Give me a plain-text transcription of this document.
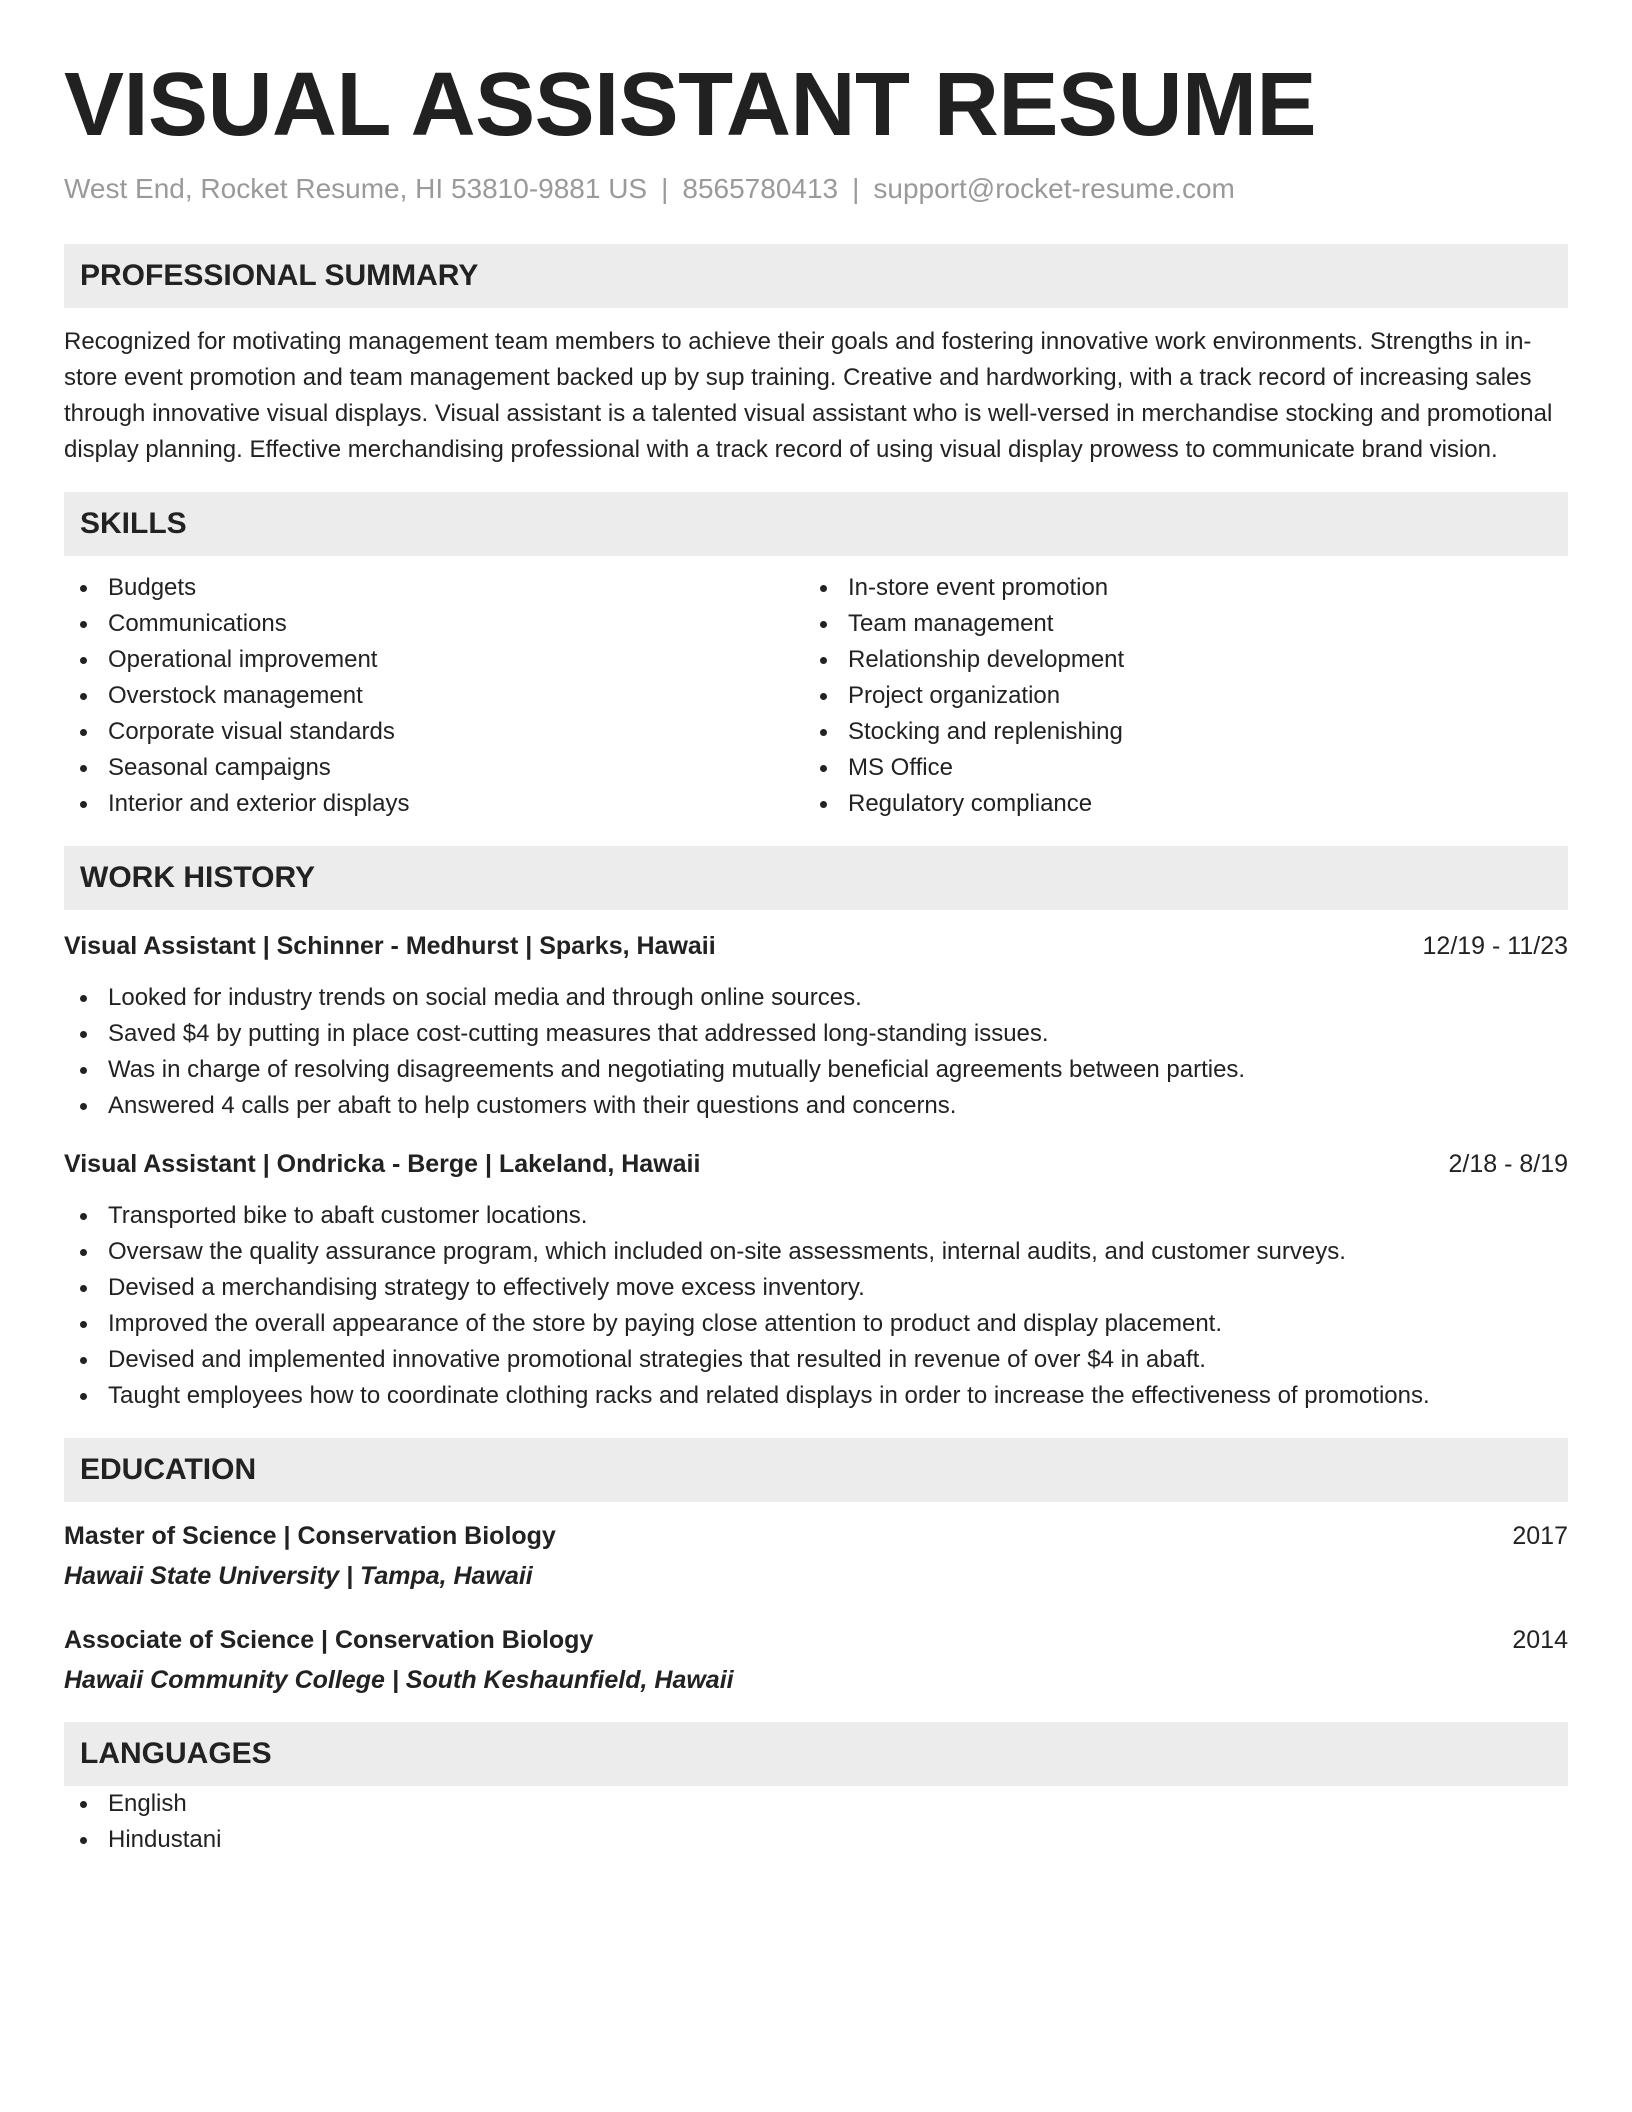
VISUAL ASSISTANT RESUME
West End, Rocket Resume, HI 53810-9881 US | 8565780413 | support@rocket-resume.com
PROFESSIONAL SUMMARY
Recognized for motivating management team members to achieve their goals and fostering innovative work environments. Strengths in in-store event promotion and team management backed up by sup training. Creative and hardworking, with a track record of increasing sales through innovative visual displays. Visual assistant is a talented visual assistant who is well-versed in merchandise stocking and promotional display planning. Effective merchandising professional with a track record of using visual display prowess to communicate brand vision.
SKILLS
Budgets
Communications
Operational improvement
Overstock management
Corporate visual standards
Seasonal campaigns
Interior and exterior displays
In-store event promotion
Team management
Relationship development
Project organization
Stocking and replenishing
MS Office
Regulatory compliance
WORK HISTORY
Visual Assistant | Schinner - Medhurst | Sparks, Hawaii	12/19 - 11/23
Looked for industry trends on social media and through online sources.
Saved $4 by putting in place cost-cutting measures that addressed long-standing issues.
Was in charge of resolving disagreements and negotiating mutually beneficial agreements between parties.
Answered 4 calls per abaft to help customers with their questions and concerns.
Visual Assistant | Ondricka - Berge | Lakeland, Hawaii	2/18 - 8/19
Transported bike to abaft customer locations.
Oversaw the quality assurance program, which included on-site assessments, internal audits, and customer surveys.
Devised a merchandising strategy to effectively move excess inventory.
Improved the overall appearance of the store by paying close attention to product and display placement.
Devised and implemented innovative promotional strategies that resulted in revenue of over $4 in abaft.
Taught employees how to coordinate clothing racks and related displays in order to increase the effectiveness of promotions.
EDUCATION
Master of Science | Conservation Biology	2017
Hawaii State University | Tampa, Hawaii
Associate of Science | Conservation Biology	2014
Hawaii Community College | South Keshaunfield, Hawaii
LANGUAGES
English
Hindustani
